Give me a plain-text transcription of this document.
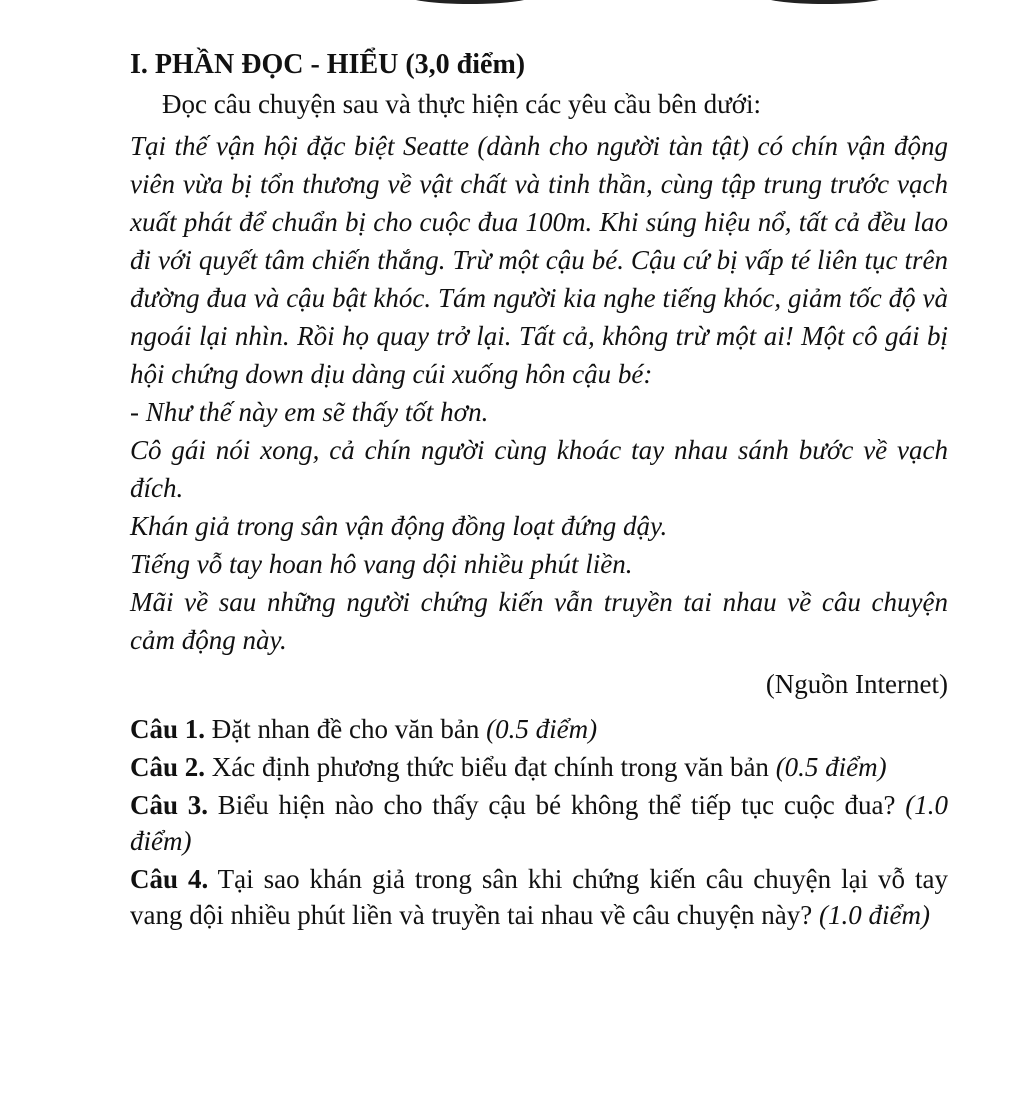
I. PHẦN ĐỌC - HIỂU (3,0 điểm)

Đọc câu chuyện sau và thực hiện các yêu cầu bên dưới:

Tại thế vận hội đặc biệt Seatte (dành cho người tàn tật) có chín vận động viên vừa bị tổn thương về vật chất và tinh thần, cùng tập trung trước vạch xuất phát để chuẩn bị cho cuộc đua 100m. Khi súng hiệu nổ, tất cả đều lao đi với quyết tâm chiến thắng. Trừ một cậu bé. Cậu cứ bị vấp té liên tục trên đường đua và cậu bật khóc. Tám người kia nghe tiếng khóc, giảm tốc độ và ngoái lại nhìn. Rồi họ quay trở lại. Tất cả, không trừ một ai! Một cô gái bị hội chứng down dịu dàng cúi xuống hôn cậu bé:

- Như thế này em sẽ thấy tốt hơn.

Cô gái nói xong, cả chín người cùng khoác tay nhau sánh bước về vạch đích.

Khán giả trong sân vận động đồng loạt đứng dậy.

Tiếng vỗ tay hoan hô vang dội nhiều phút liền.

Mãi về sau những người chứng kiến vẫn truyền tai nhau về câu chuyện cảm động này.

(Nguồn Internet)

Câu 1. Đặt nhan đề cho văn bản (0.5 điểm)

Câu 2. Xác định phương thức biểu đạt chính trong văn bản (0.5 điểm)

Câu 3. Biểu hiện nào cho thấy cậu bé không thể tiếp tục cuộc đua? (1.0 điểm)

Câu 4. Tại sao khán giả trong sân khi chứng kiến câu chuyện lại vỗ tay vang dội nhiều phút liền và truyền tai nhau về câu chuyện này? (1.0 điểm)
